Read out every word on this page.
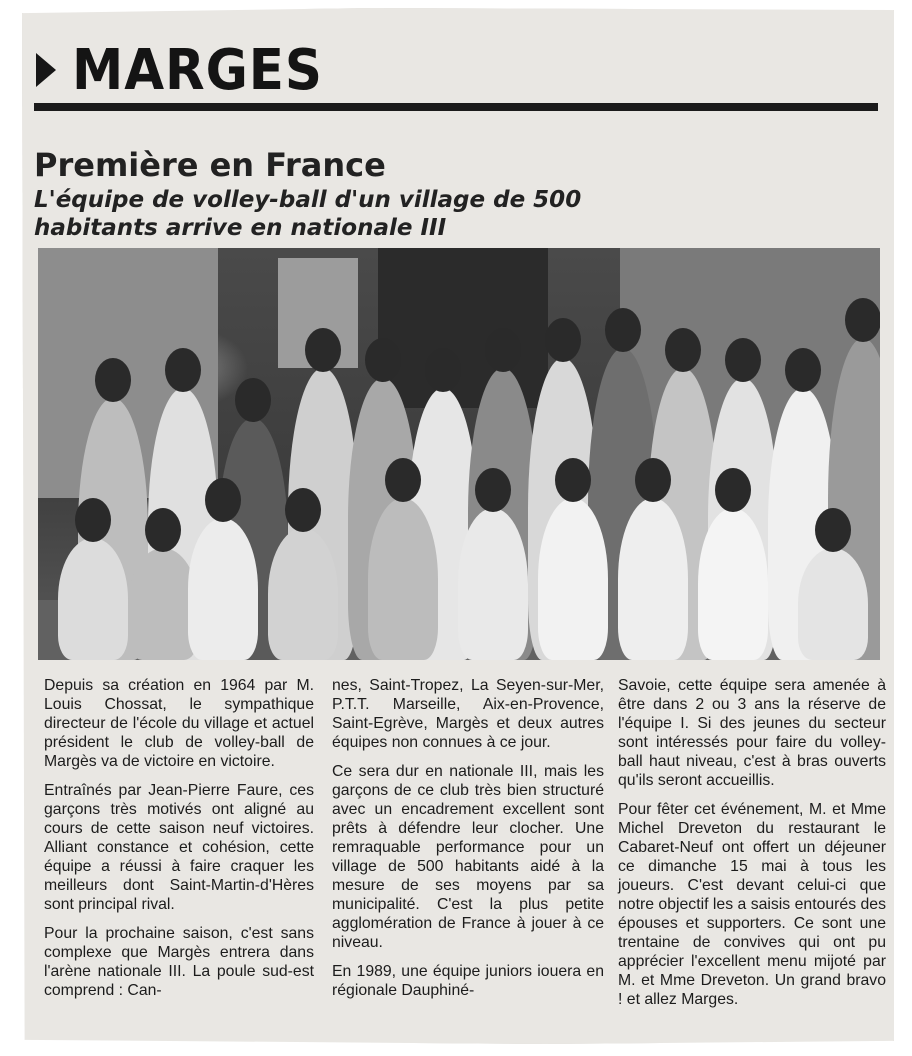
MARGES
Première en France
L'équipe de volley-ball d'un village de 500 habitants arrive en nationale III

Depuis sa création en 1964 par M. Louis Chossat, le sympathique directeur de l'école du village et actuel président le club de volley-ball de Margès va de victoire en victoire.

Entraînés par Jean-Pierre Faure, ces garçons très motivés ont aligné au cours de cette saison neuf victoires. Alliant constance et cohésion, cette équipe a réussi à faire craquer les meilleurs dont Saint-Martin-d'Hères sont principal rival.

Pour la prochaine saison, c'est sans complexe que Margès entrera dans l'arène nationale III. La poule sud-est comprend : Can-

nes, Saint-Tropez, La Seyen-sur-Mer, P.T.T. Marseille, Aix-en-Provence, Saint-Egrève, Margès et deux autres équipes non connues à ce jour.

Ce sera dur en nationale III, mais les garçons de ce club très bien structuré avec un encadrement excellent sont prêts à défendre leur clocher. Une remraquable performance pour un village de 500 habitants aidé à la mesure de ses moyens par sa municipalité. C'est la plus petite agglomération de France à jouer à ce niveau.

En 1989, une équipe juniors iouera en régionale Dauphiné-

Savoie, cette équipe sera amenée à être dans 2 ou 3 ans la réserve de l'équipe I. Si des jeunes du secteur sont intéressés pour faire du volley-ball haut niveau, c'est à bras ouverts qu'ils seront accueillis.

Pour fêter cet événement, M. et Mme Michel Dreveton du restaurant le Cabaret-Neuf ont offert un déjeuner ce dimanche 15 mai à tous les joueurs. C'est devant celui-ci que notre objectif les a saisis entourés des épouses et supporters. Ce sont une trentaine de convives qui ont pu apprécier l'excellent menu mijoté par M. et Mme Dreveton. Un grand bravo ! et allez Marges.
